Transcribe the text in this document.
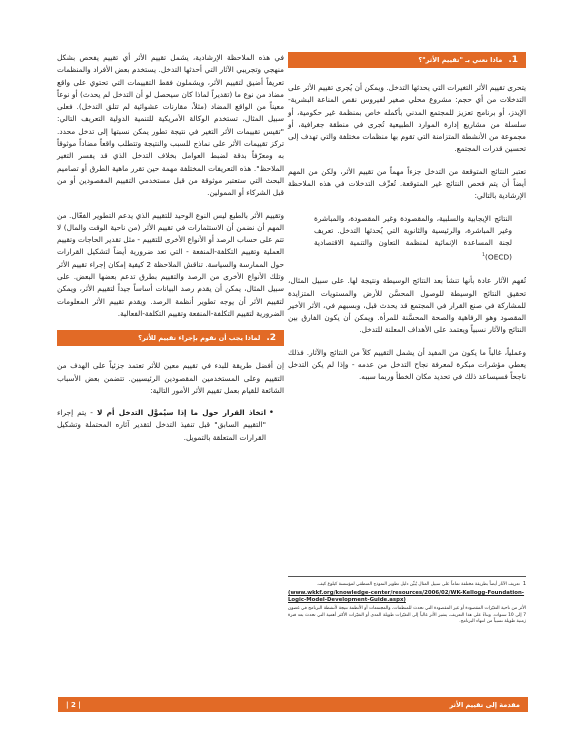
1.
ماذا نعني بـ "تقييم الأثر"؟

يتحرى تقييم الأثر التغيرات التي يحدثها التدخل. ويمكن أن يُجرى تقييم الأثر على التدخلات من أي حجم: مشروع محلي صغير لفيروس نقص المناعة البشرية-الإيدز، أو برنامج تعزيز للمجتمع المدني بأكمله خاص بمنظمة غير حكومية، أو سلسلة من مشاريع إدارة الموارد الطبيعية تُجرى في منطقة جغرافية، أو مجموعة من الأنشطة المتزامنة التي تقوم بها منظمات مختلفة والتي تهدف إلى تحسين قدرات المجتمع.

تعتبر النتائج المتوقعة من التدخل جزءاً مهماً من تقييم الأثر، ولكن من المهم أيضاً أن يتم فحص النتائج غير المتوقعة. تُعرِّف التدخلات في هذه الملاحظة الإرشادية بالتالي:

النتائج الإيجابية والسلبية، والمقصودة وغير المقصودة، والمباشرة وغير المباشرة، والرئيسية والثانوية التي يُحدثها التدخل. تعريف لجنة المساعدة الإنمائية لمنظمة التعاون والتنمية الاقتصادية (OECD)$^1$

تُفهم الآثار عادة بأنها تنشأ بعد النتائج الوسيطة ونتيجة لها. على سبيل المثال، تحقيق النتائج الوسيطة للوصول المحسَّن للأرض والمستويات المتزايدة للمشاركة في صنع القرار في المجتمع قد يحدث قبل، وبسبهم في، الأثر الأخير المقصود وهو الرفاهية والصحة المحسَّنة للمرأة. ويمكن أن يكون الفارق بين النتائج والآثار نسبياً ويعتمد على الأهداف المعلنة للتدخل.

وعملياً، غالباً ما يكون من المفيد أن يشمل التقييم كلاً من النتائج والآثار. فذلك يعطي مؤشرات مبكرة لمعرفة نجاح التدخل من عدمه - وإذا لم يكن التدخل ناجحاً فسيساعد ذلك في تحديد مكان الخطأ وربما سببه.

1تعريف الآثار أيضاً بطريقة مختلفة تماماً على سبيل المثال يُبيِّن دليل تطوير النموذج المنطقي لمؤسسة كيلوغ كيف.

(www.wkkf.org/knowledge-center/resources/2006/02/WK-Kellogg-Foundation-Logic-Model-Development-Guide.aspx)

الأثر من ناحية التغيّرات المقصودة أو غير المقصودة التي تحدث للمنظمات، والمجتمعات أو الأنظمة نتيجة لأنشطة البرنامج في غضون 7 إلى 10 سنوات. وبناءً على هذا التعريف، يشير الأثر غالباً إلى التغيّرات طويلة المدى أو التغيّرات الأكثر أهمية التي تحدث بعد فترة زمنية طويلة نسبياً من انتهاء البرنامج.

في هذه الملاحظة الإرشادية، يشمل تقييم الأثر أي تقييم يفحص بشكل منهجي وتجريبي الآثار التي أحدثها التدخل. يستخدم بعض الأفراد والمنظمات تعريفاً أضيق لتقييم الأثر، ويشملون فقط التقييمات التي تحتوي على واقع مضاد من نوع ما (تقديراً لماذا كان سيحصل لو أن التدخل لم يحدث) أو نوعاً معيناً من الواقع المضاد (مثلاً، مقارنات عشوائية لم تتلق التدخل). فعلى سبيل المثال، تستخدم الوكالة الأمريكية للتنمية الدولية التعريف التالي: "تقيس تقييمات الأثر التغير في نتيجة تطور يمكن نسبتها إلى تدخل محدد. تركز تقييمات الأثر على نماذج للسبب والنتيجة وتتطلب واقعاً مضاداً موثوقاً به ومعرّفاً بدقة لضبط العوامل بخلاف التدخل الذي قد يفسر التغير الملاحظ". هذه التعريفات المختلفة مهمة حين تقرر ماهية الطرق أو تصاميم البحث التي ستعتبر موثوقة من قبل مستخدمي التقييم المقصودين أو من قبل الشركاء أو الممولين.

وتقييم الأثر بالطبع ليس النوع الوحيد للتقييم الذي يدعم التطوير الفعّال. من المهم أن نضمن أن الاستثمارات في تقييم الأثر (من ناحية الوقت والمال) لا تتم على حساب الرصد أو الأنواع الأخرى للتقييم - مثل تقدير الحاجات وتقييم العملية وتقييم التكلفة-المنفعة - التي تعد ضرورية أيضاً لتشكيل القرارات حول الممارسة والسياسة. تناقش الملاحظة 2 كيفية إمكان إجراء تقييم الأثر وتلك الأنواع الأخرى من الرصد والتقييم بطرق تدعم بعضها البعض. على سبيل المثال، يمكن أن يقدم رصد البيانات أساساً جيداً لتقييم الأثر، ويمكن لتقييم الأثر أن يوجه تطوير أنظمة الرصد. ويقدم تقييم الأثر المعلومات الضرورية لتقييم التكلفة-المنفعة وتقييم التكلفة-الفعالية.

2.
لماذا يجب أن نقوم بإجراء تقييم للأثر؟

إن أفضل طريقة للبدء في تقييم معين للأثر تعتمد جزئياً على الهدف من التقييم وعلى المستخدمين المقصودين الرئيسيين. تتضمن بعض الأسباب الشائعة للقيام بعمل تقييم الأثر الأمور التالية:

• اتخاذ القرار حول ما إذا سيُموَّل التدخل أم لا - يتم إجراء "التقييم السابق" قبل تنفيذ التدخل لتقدير آثاره المحتملة وتشكيل القرارات المتعلقة بالتمويل.
مقدمة إلى تقييم الأثر
| 2 |
